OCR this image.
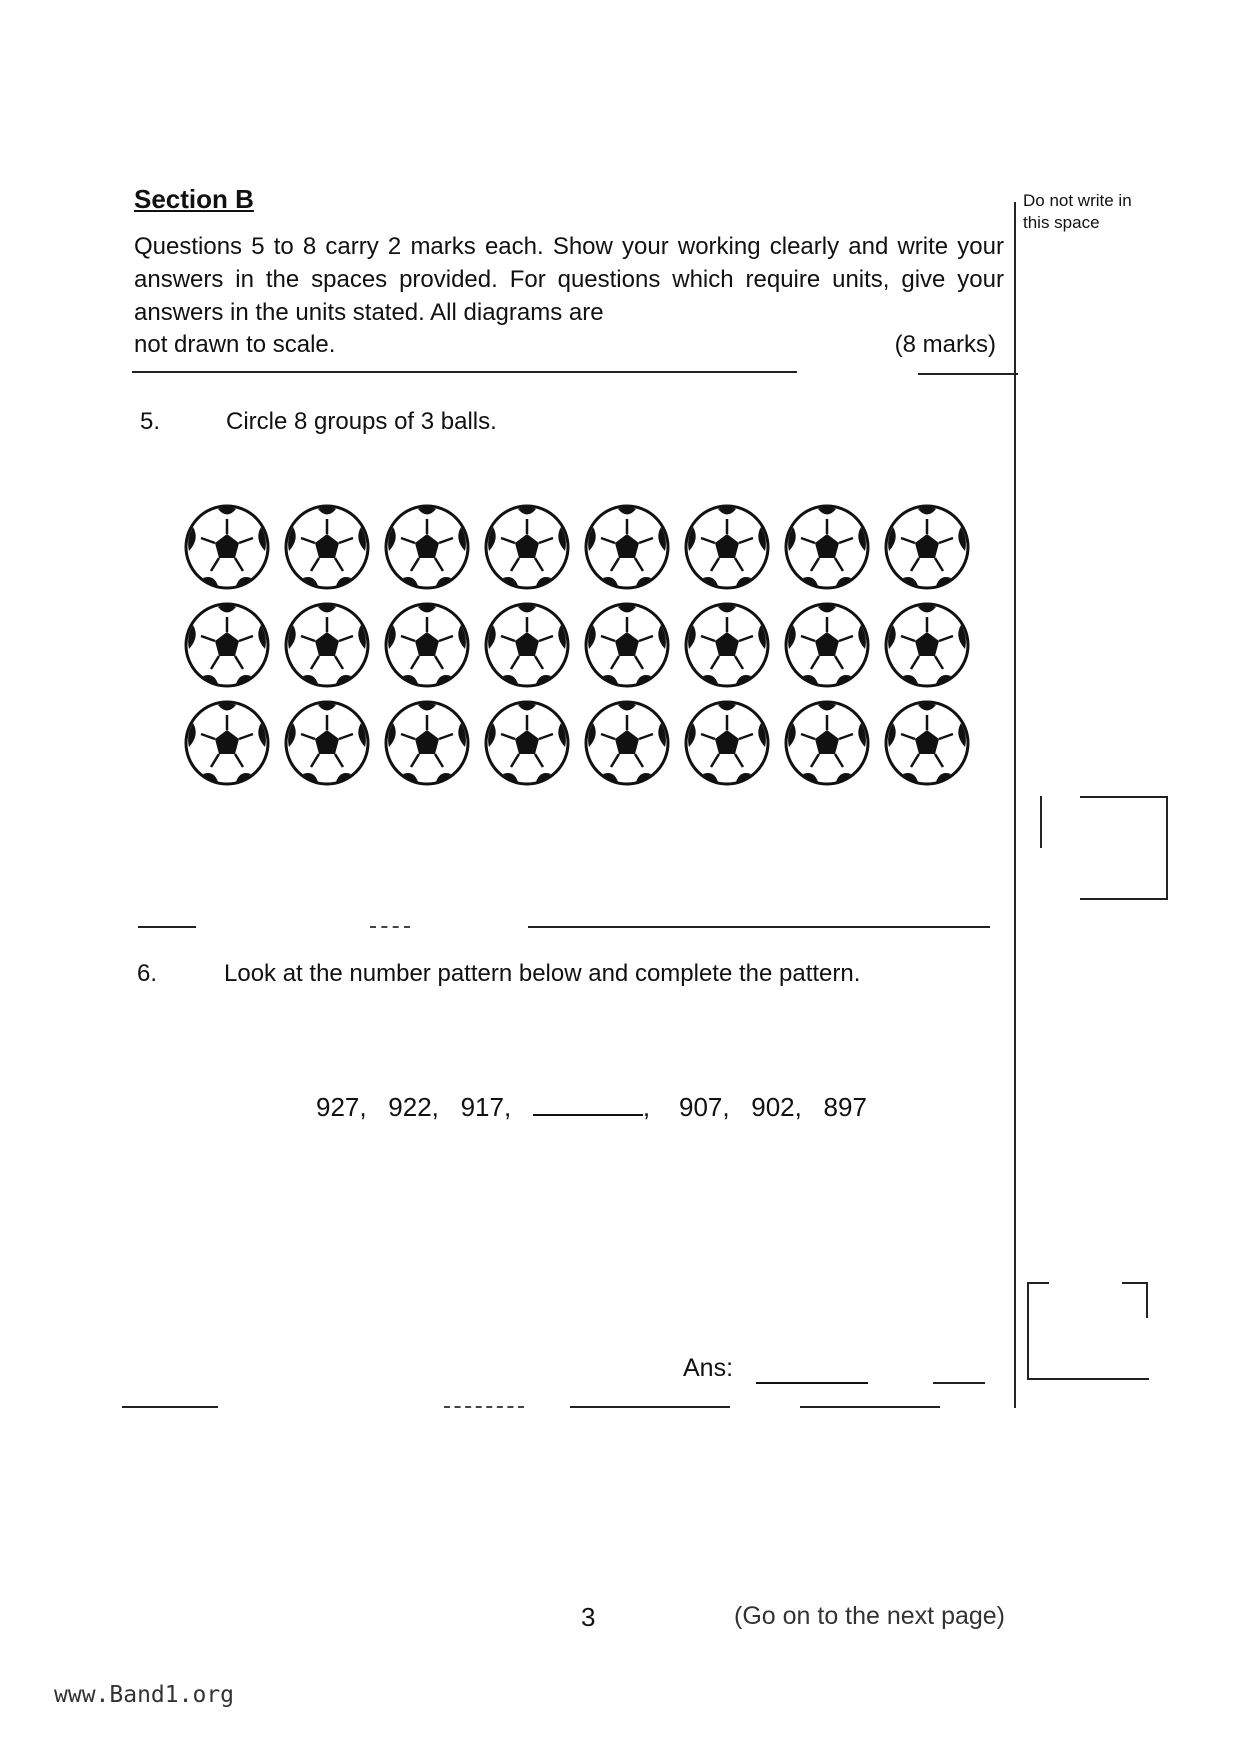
Section B	Do not write in this space
Questions 5 to 8 carry 2 marks each. Show your working clearly and write your answers in the spaces provided. For questions which require units, give your answers in the units stated. All diagrams are
not drawn to scale.	(8 marks)
5.	Circle 8 groups of 3 balls.
6.	Look at the number pattern below and complete the pattern.
927, 922, 917,	, 907, 902, 897
Ans:
3	(Go on to the next page)
www.Band1.org
